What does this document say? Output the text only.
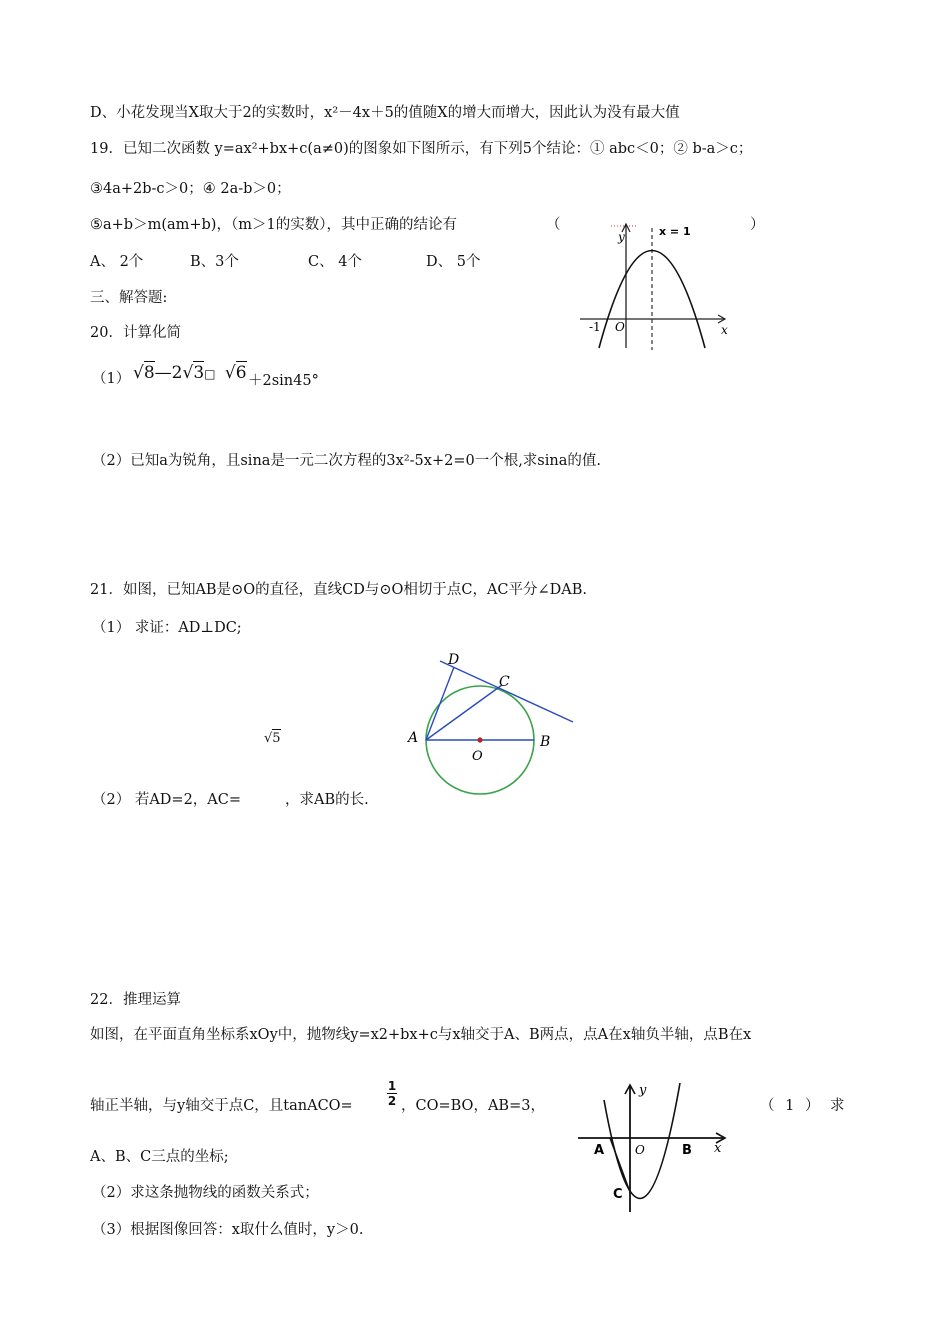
D、小花发现当X取大于2的实数时，x²－4x＋5的值随X的增大而增大，因此认为没有最大值
19．已知二次函数 y=ax²+bx+c(a≠0)的图象如下图所示，有下列5个结论：① abc＜0；② b-a＞c；
③4a+2b-c＞0；④ 2a-b＞0；
⑤a+b＞m(am+b)，（m＞1的实数），其中正确的结论有	（	）
A、 2个	B、3个	C、 4个	D、 5个
y
x
O
-1
x = 1
三、解答题:
20．计算化简
（1） √8—2√3□ √6 ＋2sin45°
（2）已知a为锐角，且sina是一元二次方程的3x²-5x+2=0一个根,求sina的值.
21．如图，已知AB是⊙O的直径，直线CD与⊙O相切于点C，AC平分∠DAB.
（1） 求证：AD⊥DC;
√5	A	B
C
D
O
（2） 若AD=2，AC=	，求AB的长.
22．推理运算
如图，在平面直角坐标系xOy中，抛物线y=x2+bx+c与x轴交于A、B两点，点A在x轴负半轴，点B在x
轴正半轴，与y轴交于点C，且tanACO=
1
2 ，CO=BO，AB=3，	（ 1 ） 求
A、B、C三点的坐标;
（2）求这条抛物线的函数关系式；
（3）根据图像回答：x取什么值时，y＞0.
A	B
C
O	x
y
